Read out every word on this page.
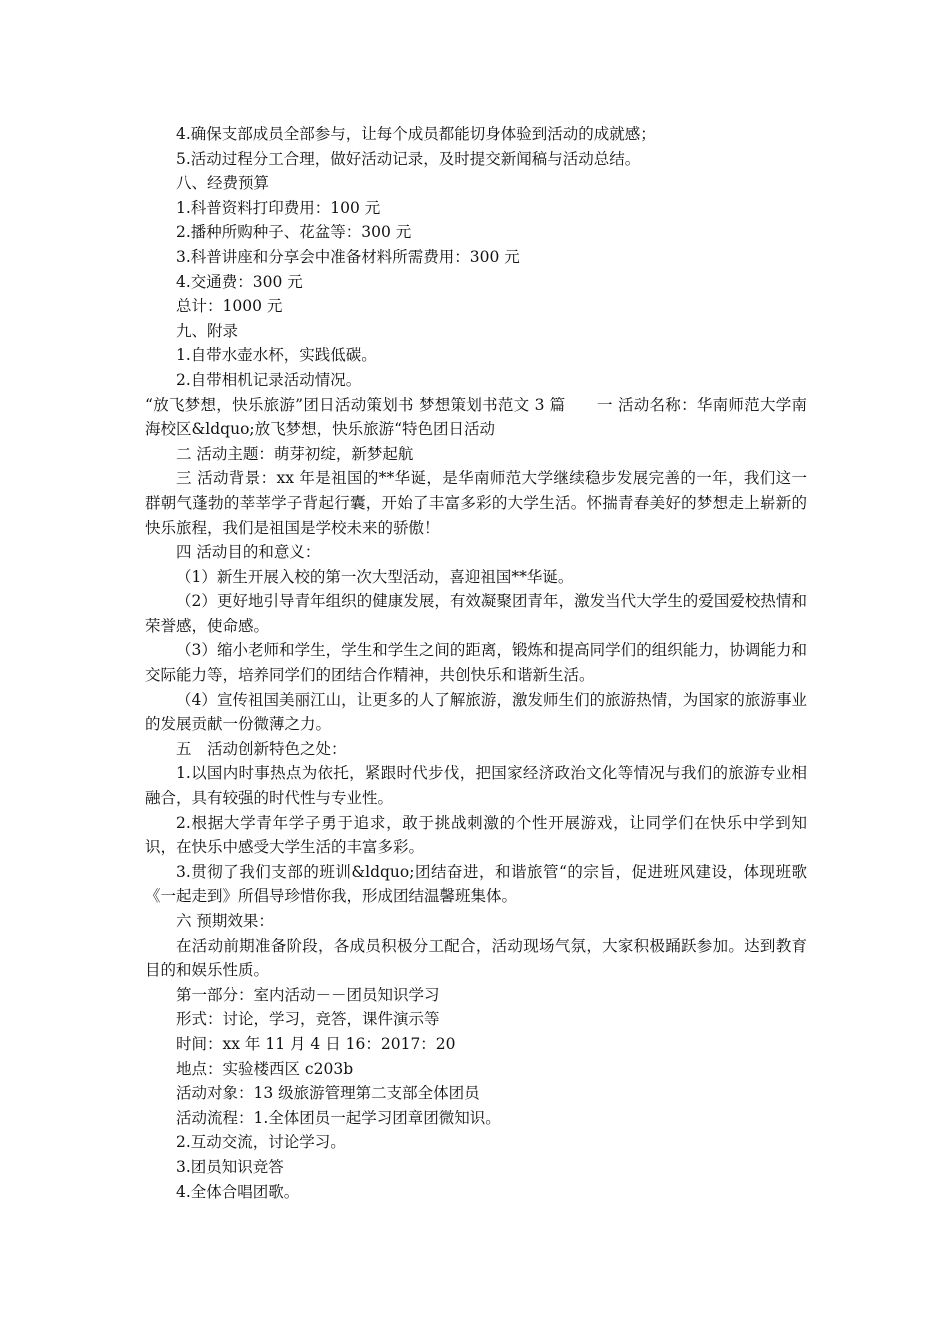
4.确保支部成员全部参与，让每个成员都能切身体验到活动的成就感；

5.活动过程分工合理，做好活动记录，及时提交新闻稿与活动总结。

八、经费预算

1.科普资料打印费用：100 元

2.播种所购种子、花盆等：300 元

3.科普讲座和分享会中准备材料所需费用：300 元

4.交通费：300 元

总计：1000 元

九、附录

1.自带水壶水杯，实践低碳。

2.自带相机记录活动情况。

“放飞梦想，快乐旅游”团日活动策划书 梦想策划书范文 3 篇　　一 活动名称：华南师范大学南海校区&ldquo;放飞梦想，快乐旅游“特色团日活动

二 活动主题：萌芽初绽，新梦起航

三 活动背景：xx 年是祖国的**华诞，是华南师范大学继续稳步发展完善的一年，我们这一群朝气蓬勃的莘莘学子背起行囊，开始了丰富多彩的大学生活。怀揣青春美好的梦想走上崭新的快乐旅程，我们是祖国是学校未来的骄傲！

四 活动目的和意义：

（1）新生开展入校的第一次大型活动，喜迎祖国**华诞。

（2）更好地引导青年组织的健康发展，有效凝聚团青年，激发当代大学生的爱国爱校热情和荣誉感，使命感。

（3）缩小老师和学生，学生和学生之间的距离，锻炼和提高同学们的组织能力，协调能力和交际能力等，培养同学们的团结合作精神，共创快乐和谐新生活。

（4）宣传祖国美丽江山，让更多的人了解旅游，激发师生们的旅游热情，为国家的旅游事业的发展贡献一份微薄之力。

五　活动创新特色之处：

1.以国内时事热点为依托，紧跟时代步伐，把国家经济政治文化等情况与我们的旅游专业相融合，具有较强的时代性与专业性。

2.根据大学青年学子勇于追求，敢于挑战刺激的个性开展游戏，让同学们在快乐中学到知识，在快乐中感受大学生活的丰富多彩。

3.贯彻了我们支部的班训&ldquo;团结奋进，和谐旅管“的宗旨，促进班风建设，体现班歌《一起走到》所倡导珍惜你我，形成团结温馨班集体。

六 预期效果：

在活动前期准备阶段，各成员积极分工配合，活动现场气氛，大家积极踊跃参加。达到教育目的和娱乐性质。

第一部分：室内活动－－团员知识学习

形式：讨论，学习，竞答，课件演示等

时间：xx 年 11 月 4 日 16：2017：20

地点：实验楼西区 c203b

活动对象：13 级旅游管理第二支部全体团员

活动流程：1.全体团员一起学习团章团微知识。

2.互动交流，讨论学习。

3.团员知识竞答

4.全体合唱团歌。
